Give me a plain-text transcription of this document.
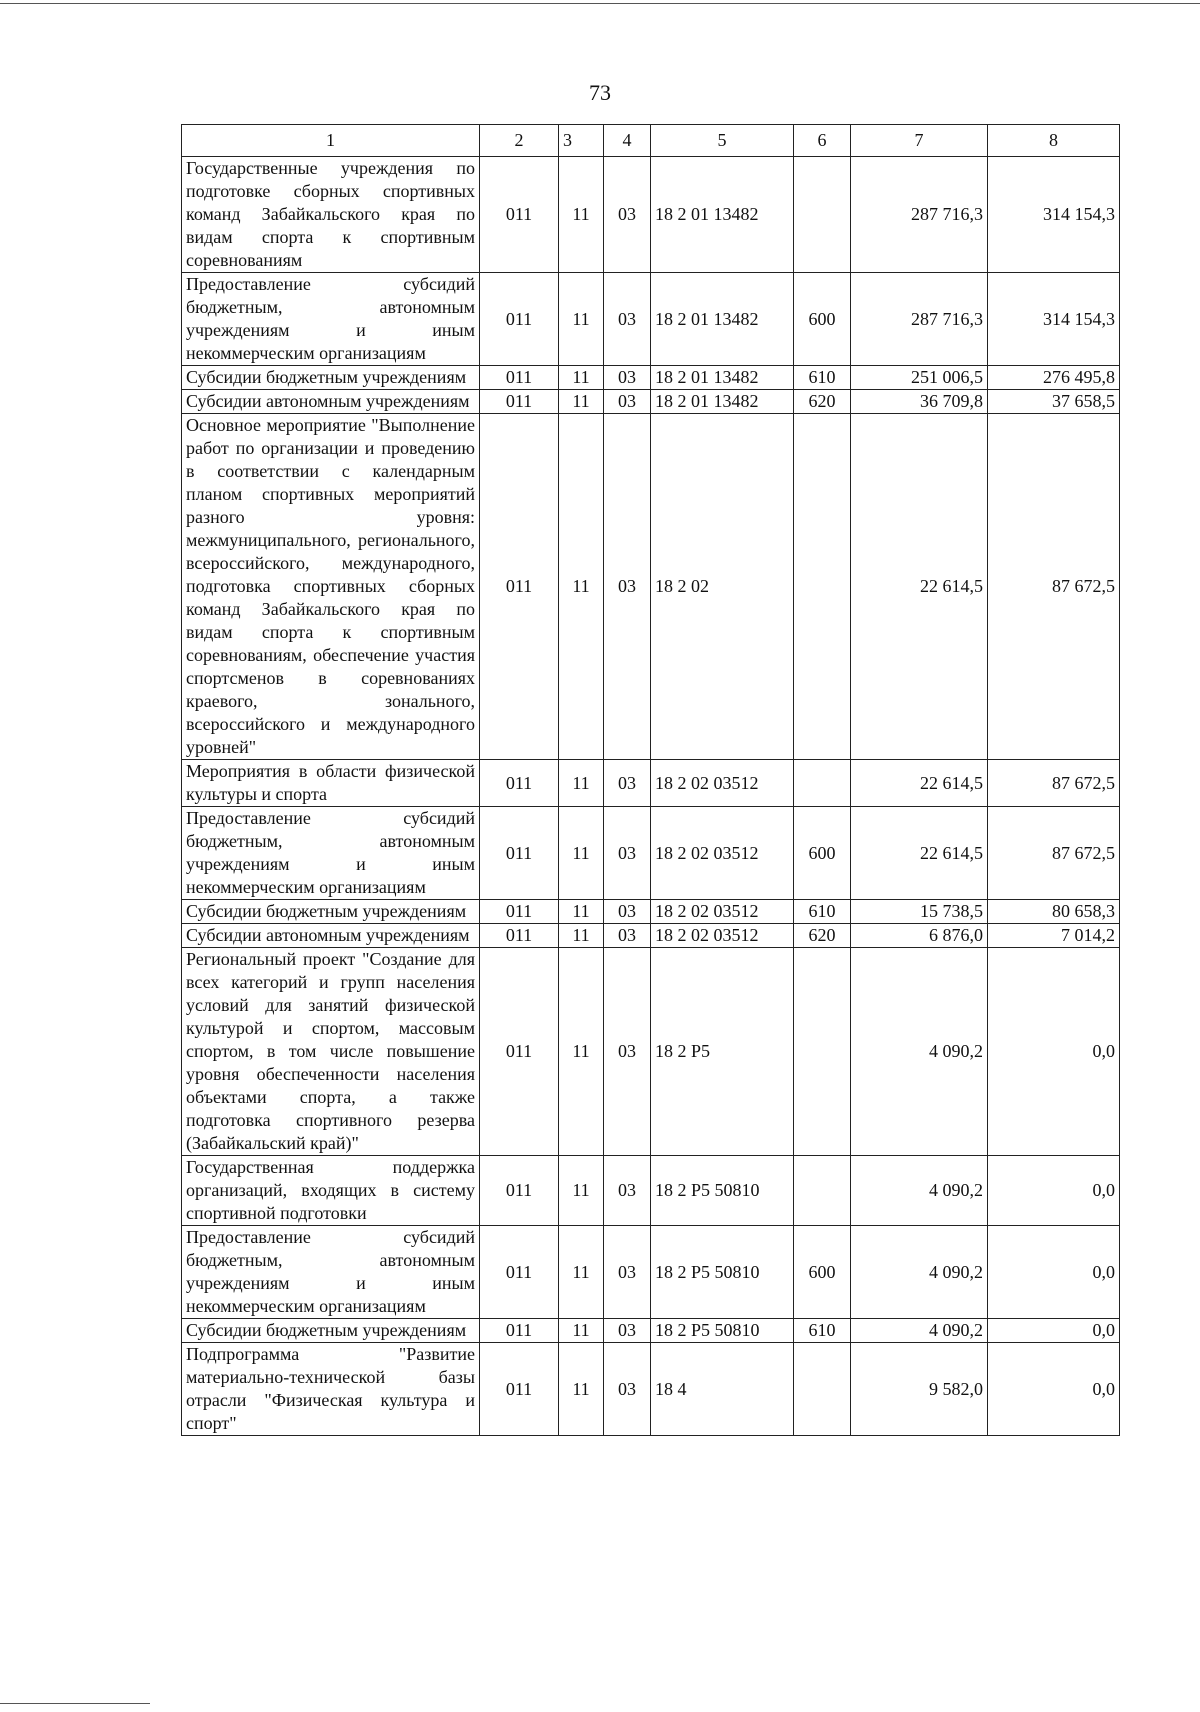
73
1	2	3	4	5	6	7	8
Государственные учреждения по подготовке сборных спортивных команд Забайкальского края по видам спорта к спортивным соревнованиям	011	11	03	18 2 01 13482		287 716,3	314 154,3
Предоставление субсидий бюджетным, автономным учреждениям и иным некоммерческим организациям	011	11	03	18 2 01 13482	600	287 716,3	314 154,3
Субсидии бюджетным учреждениям	011	11	03	18 2 01 13482	610	251 006,5	276 495,8
Субсидии автономным учреждениям	011	11	03	18 2 01 13482	620	36 709,8	37 658,5
Основное мероприятие "Выполнение работ по организации и проведению в соответствии с календарным планом спортивных мероприятий разного уровня: межмуниципального, регионального, всероссийского, международного, подготовка спортивных сборных команд Забайкальского края по видам спорта к спортивным соревнованиям, обеспечение участия спортсменов в соревнованиях краевого, зонального, всероссийского и международного уровней"	011	11	03	18 2 02		22 614,5	87 672,5
Мероприятия в области физической культуры и спорта	011	11	03	18 2 02 03512		22 614,5	87 672,5
Предоставление субсидий бюджетным, автономным учреждениям и иным некоммерческим организациям	011	11	03	18 2 02 03512	600	22 614,5	87 672,5
Субсидии бюджетным учреждениям	011	11	03	18 2 02 03512	610	15 738,5	80 658,3
Субсидии автономным учреждениям	011	11	03	18 2 02 03512	620	6 876,0	7 014,2
Региональный проект "Создание для всех категорий и групп населения условий для занятий физической культурой и спортом, массовым спортом, в том числе повышение уровня обеспеченности населения объектами спорта, а также подготовка спортивного резерва (Забайкальский край)"	011	11	03	18 2 P5		4 090,2	0,0
Государственная поддержка организаций, входящих в систему спортивной подготовки	011	11	03	18 2 P5 50810		4 090,2	0,0
Предоставление субсидий бюджетным, автономным учреждениям и иным некоммерческим организациям	011	11	03	18 2 P5 50810	600	4 090,2	0,0
Субсидии бюджетным учреждениям	011	11	03	18 2 P5 50810	610	4 090,2	0,0
Подпрограмма "Развитие материально-технической базы отрасли "Физическая культура и спорт"	011	11	03	18 4		9 582,0	0,0
